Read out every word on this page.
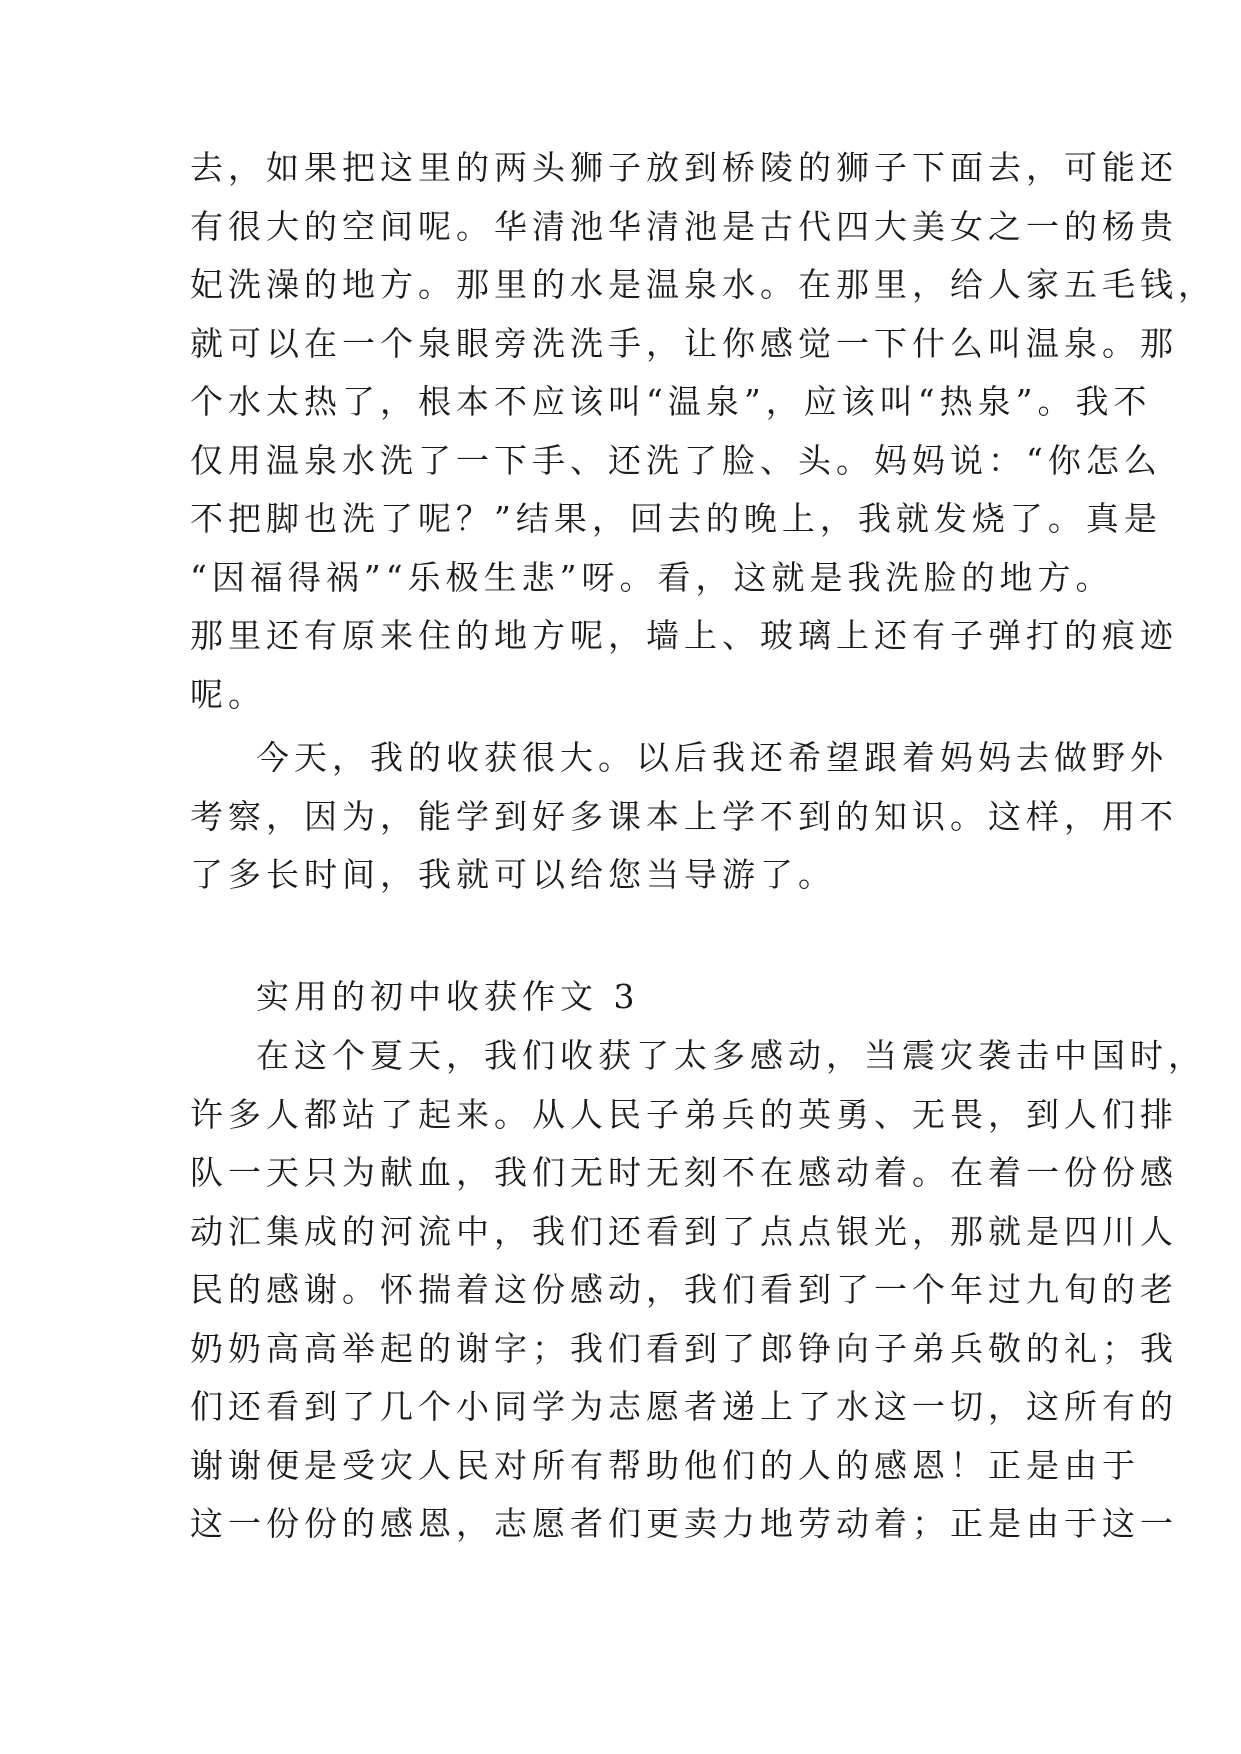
去，如果把这里的两头狮子放到桥陵的狮子下面去，可能还
有很大的空间呢。华清池华清池是古代四大美女之一的杨贵
妃洗澡的地方。那里的水是温泉水。在那里，给人家五毛钱，
就可以在一个泉眼旁洗洗手，让你感觉一下什么叫温泉。那
个水太热了，根本不应该叫“温泉”，应该叫“热泉”。我不
仅用温泉水洗了一下手、还洗了脸、头。妈妈说：“你怎么
不把脚也洗了呢？”结果，回去的晚上，我就发烧了。真是
“因福得祸”“乐极生悲”呀。看，这就是我洗脸的地方。
那里还有原来住的地方呢，墙上、玻璃上还有子弹打的痕迹
呢。
今天，我的收获很大。以后我还希望跟着妈妈去做野外
考察，因为，能学到好多课本上学不到的知识。这样，用不
了多长时间，我就可以给您当导游了。
实用的初中收获作文 3
在这个夏天，我们收获了太多感动，当震灾袭击中国时，
许多人都站了起来。从人民子弟兵的英勇、无畏，到人们排
队一天只为献血，我们无时无刻不在感动着。在着一份份感
动汇集成的河流中，我们还看到了点点银光，那就是四川人
民的感谢。怀揣着这份感动，我们看到了一个年过九旬的老
奶奶高高举起的谢字；我们看到了郎铮向子弟兵敬的礼；我
们还看到了几个小同学为志愿者递上了水这一切，这所有的
谢谢便是受灾人民对所有帮助他们的人的感恩！正是由于
这一份份的感恩，志愿者们更卖力地劳动着；正是由于这一
